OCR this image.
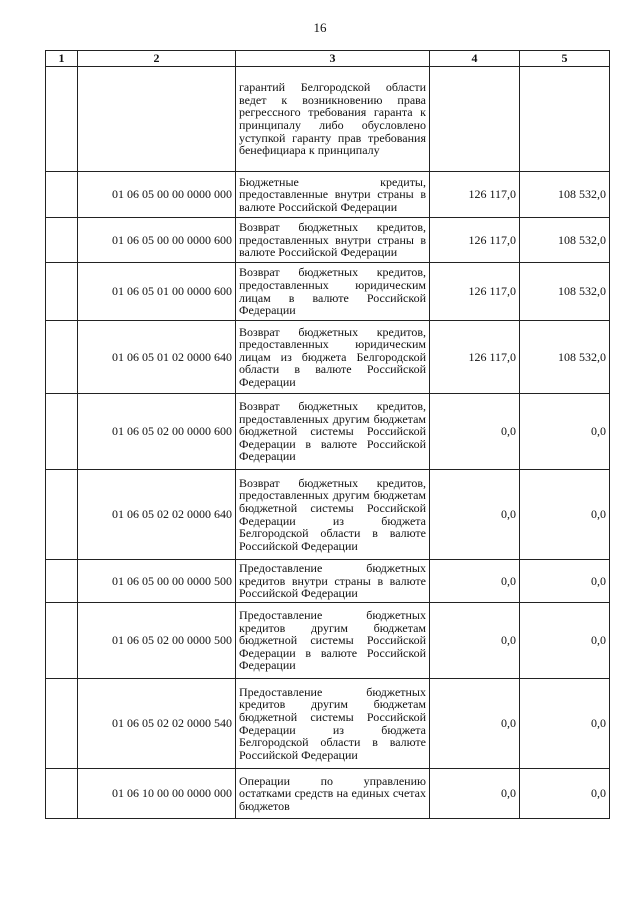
16
1	2	3	4	5
		гарантий Белгородской области ведет к возникновению права регрессного требования гаранта к принципалу либо обусловлено уступкой гаранту прав требования бенефициара к принципалу		
	01 06 05 00 00 0000 000	Бюджетные кредиты, предоставленные внутри страны в валюте Российской Федерации	126 117,0	108 532,0
	01 06 05 00 00 0000 600	Возврат бюджетных кредитов, предоставленных внутри страны в валюте Российской Федерации	126 117,0	108 532,0
	01 06 05 01 00 0000 600	Возврат бюджетных кредитов, предоставленных юридическим лицам в валюте Российской Федерации	126 117,0	108 532,0
	01 06 05 01 02 0000 640	Возврат бюджетных кредитов, предоставленных юридическим лицам из бюджета Белгородской области в валюте Российской Федерации	126 117,0	108 532,0
	01 06 05 02 00 0000 600	Возврат бюджетных кредитов, предоставленных другим бюджетам бюджетной системы Российской Федерации в валюте Российской Федерации	0,0	0,0
	01 06 05 02 02 0000 640	Возврат бюджетных кредитов, предоставленных другим бюджетам бюджетной системы Российской Федерации из бюджета Белгородской области в валюте Российской Федерации	0,0	0,0
	01 06 05 00 00 0000 500	Предоставление бюджетных кредитов внутри страны в валюте Российской Федерации	0,0	0,0
	01 06 05 02 00 0000 500	Предоставление бюджетных кредитов другим бюджетам бюджетной системы Российской Федерации в валюте Российской Федерации	0,0	0,0
	01 06 05 02 02 0000 540	Предоставление бюджетных кредитов другим бюджетам бюджетной системы Российской Федерации из бюджета Белгородской области в валюте Российской Федерации	0,0	0,0
	01 06 10 00 00 0000 000	Операции по управлению остатками средств на единых счетах бюджетов	0,0	0,0
